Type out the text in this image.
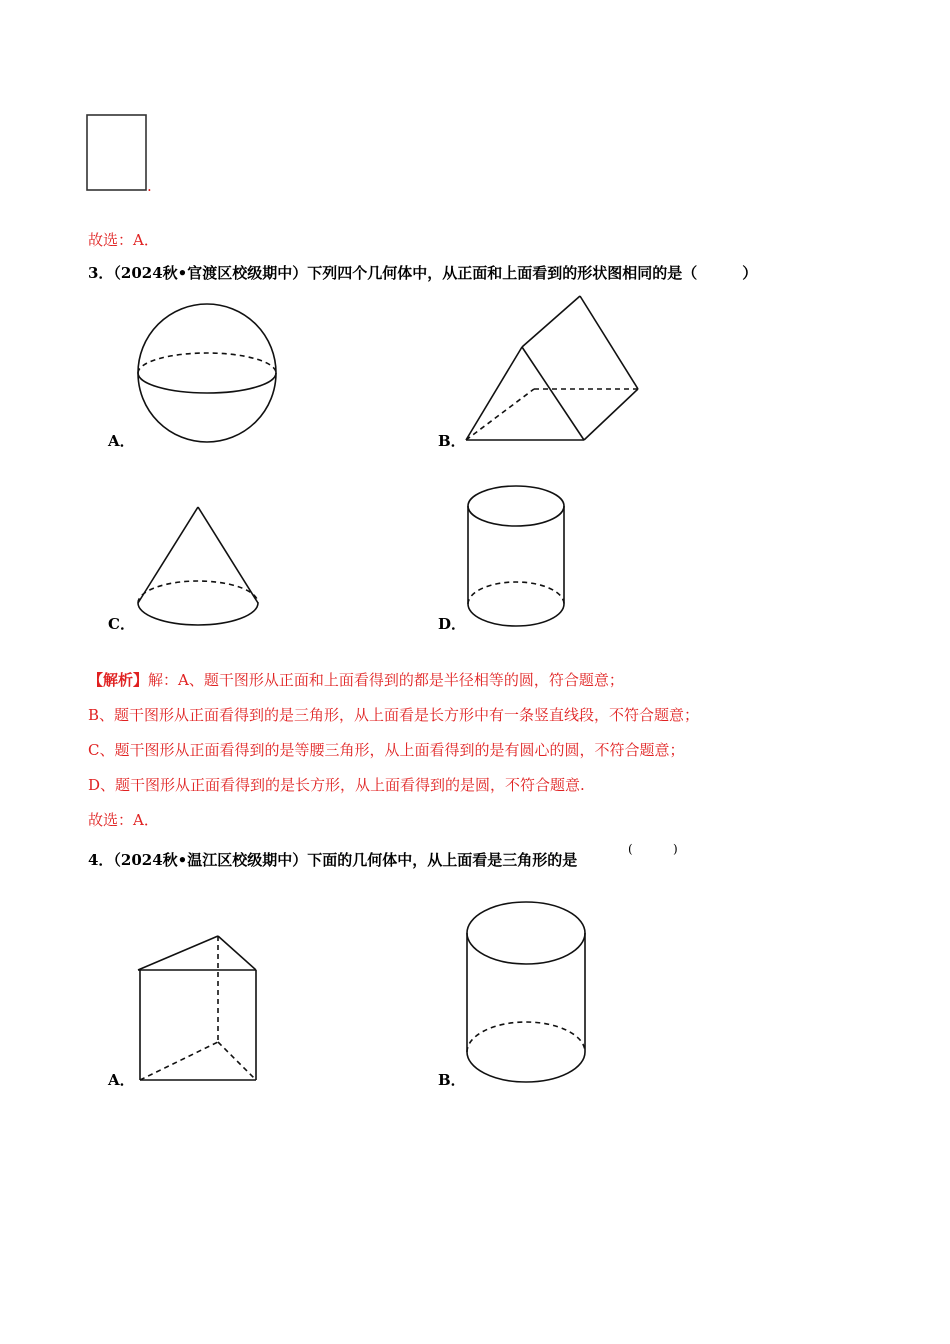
.
故选：A．
3．（2024秋•官渡区校级期中）下列四个几何体中，从正面和上面看到的形状图相同的是（　　　）
A．	B．
C．	D．
【解析】解：A、题干图形从正面和上面看得到的都是半径相等的圆，符合题意；
B、题干图形从正面看得到的是三角形，从上面看是长方形中有一条竖直线段，不符合题意；
C、题干图形从正面看得到的是等腰三角形，从上面看得到的是有圆心的圆，不符合题意；
D、题干图形从正面看得到的是长方形，从上面看得到的是圆，不符合题意.
故选：A．
4．（2024秋•温江区校级期中）下面的几何体中，从上面看是三角形的是
(	)
A．	B．
